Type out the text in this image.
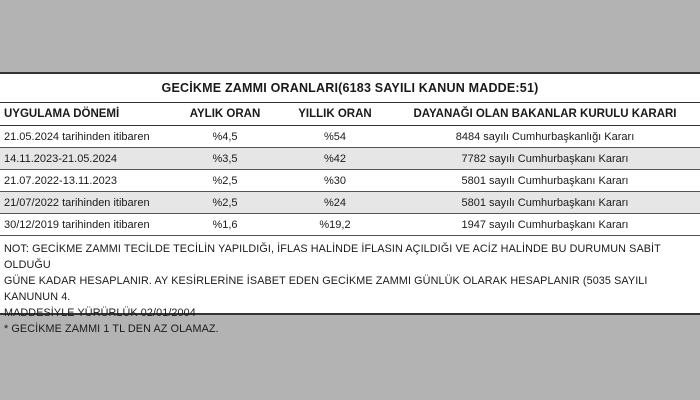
GECİKME ZAMMI ORANLARI(6183 SAYILI KANUN MADDE:51)
UYGULAMA DÖNEMİ	AYLIK ORAN	YILLIK ORAN	DAYANAĞI OLAN BAKANLAR KURULU KARARI
21.05.2024 tarihinden itibaren	%4,5	%54	8484 sayılı Cumhurbaşkanlığı Kararı
14.11.2023-21.05.2024	%3,5	%42	7782 sayılı Cumhurbaşkanı Kararı
21.07.2022-13.11.2023	%2,5	%30	5801 sayılı Cumhurbaşkanı Kararı
21/07/2022 tarihinden itibaren	%2,5	%24	5801 sayılı Cumhurbaşkanı Kararı
30/12/2019 tarihinden itibaren	%1,6	%19,2	1947 sayılı Cumhurbaşkanı Kararı
NOT: GECİKME ZAMMI TECİLDE TECİLİN YAPILDIĞI, İFLAS HALİNDE İFLASIN AÇILDIĞI VE ACİZ HALİNDE BU DURUMUN SABİT OLDUĞU
GÜNE KADAR HESAPLANIR. AY KESİRLERİNE İSABET EDEN GECİKME ZAMMI GÜNLÜK OLARAK HESAPLANIR (5035 SAYILI KANUNUN 4.
MADDESİYLE YÜRÜRLÜK 02/01/2004
* GECİKME ZAMMI 1 TL DEN AZ OLAMAZ.
